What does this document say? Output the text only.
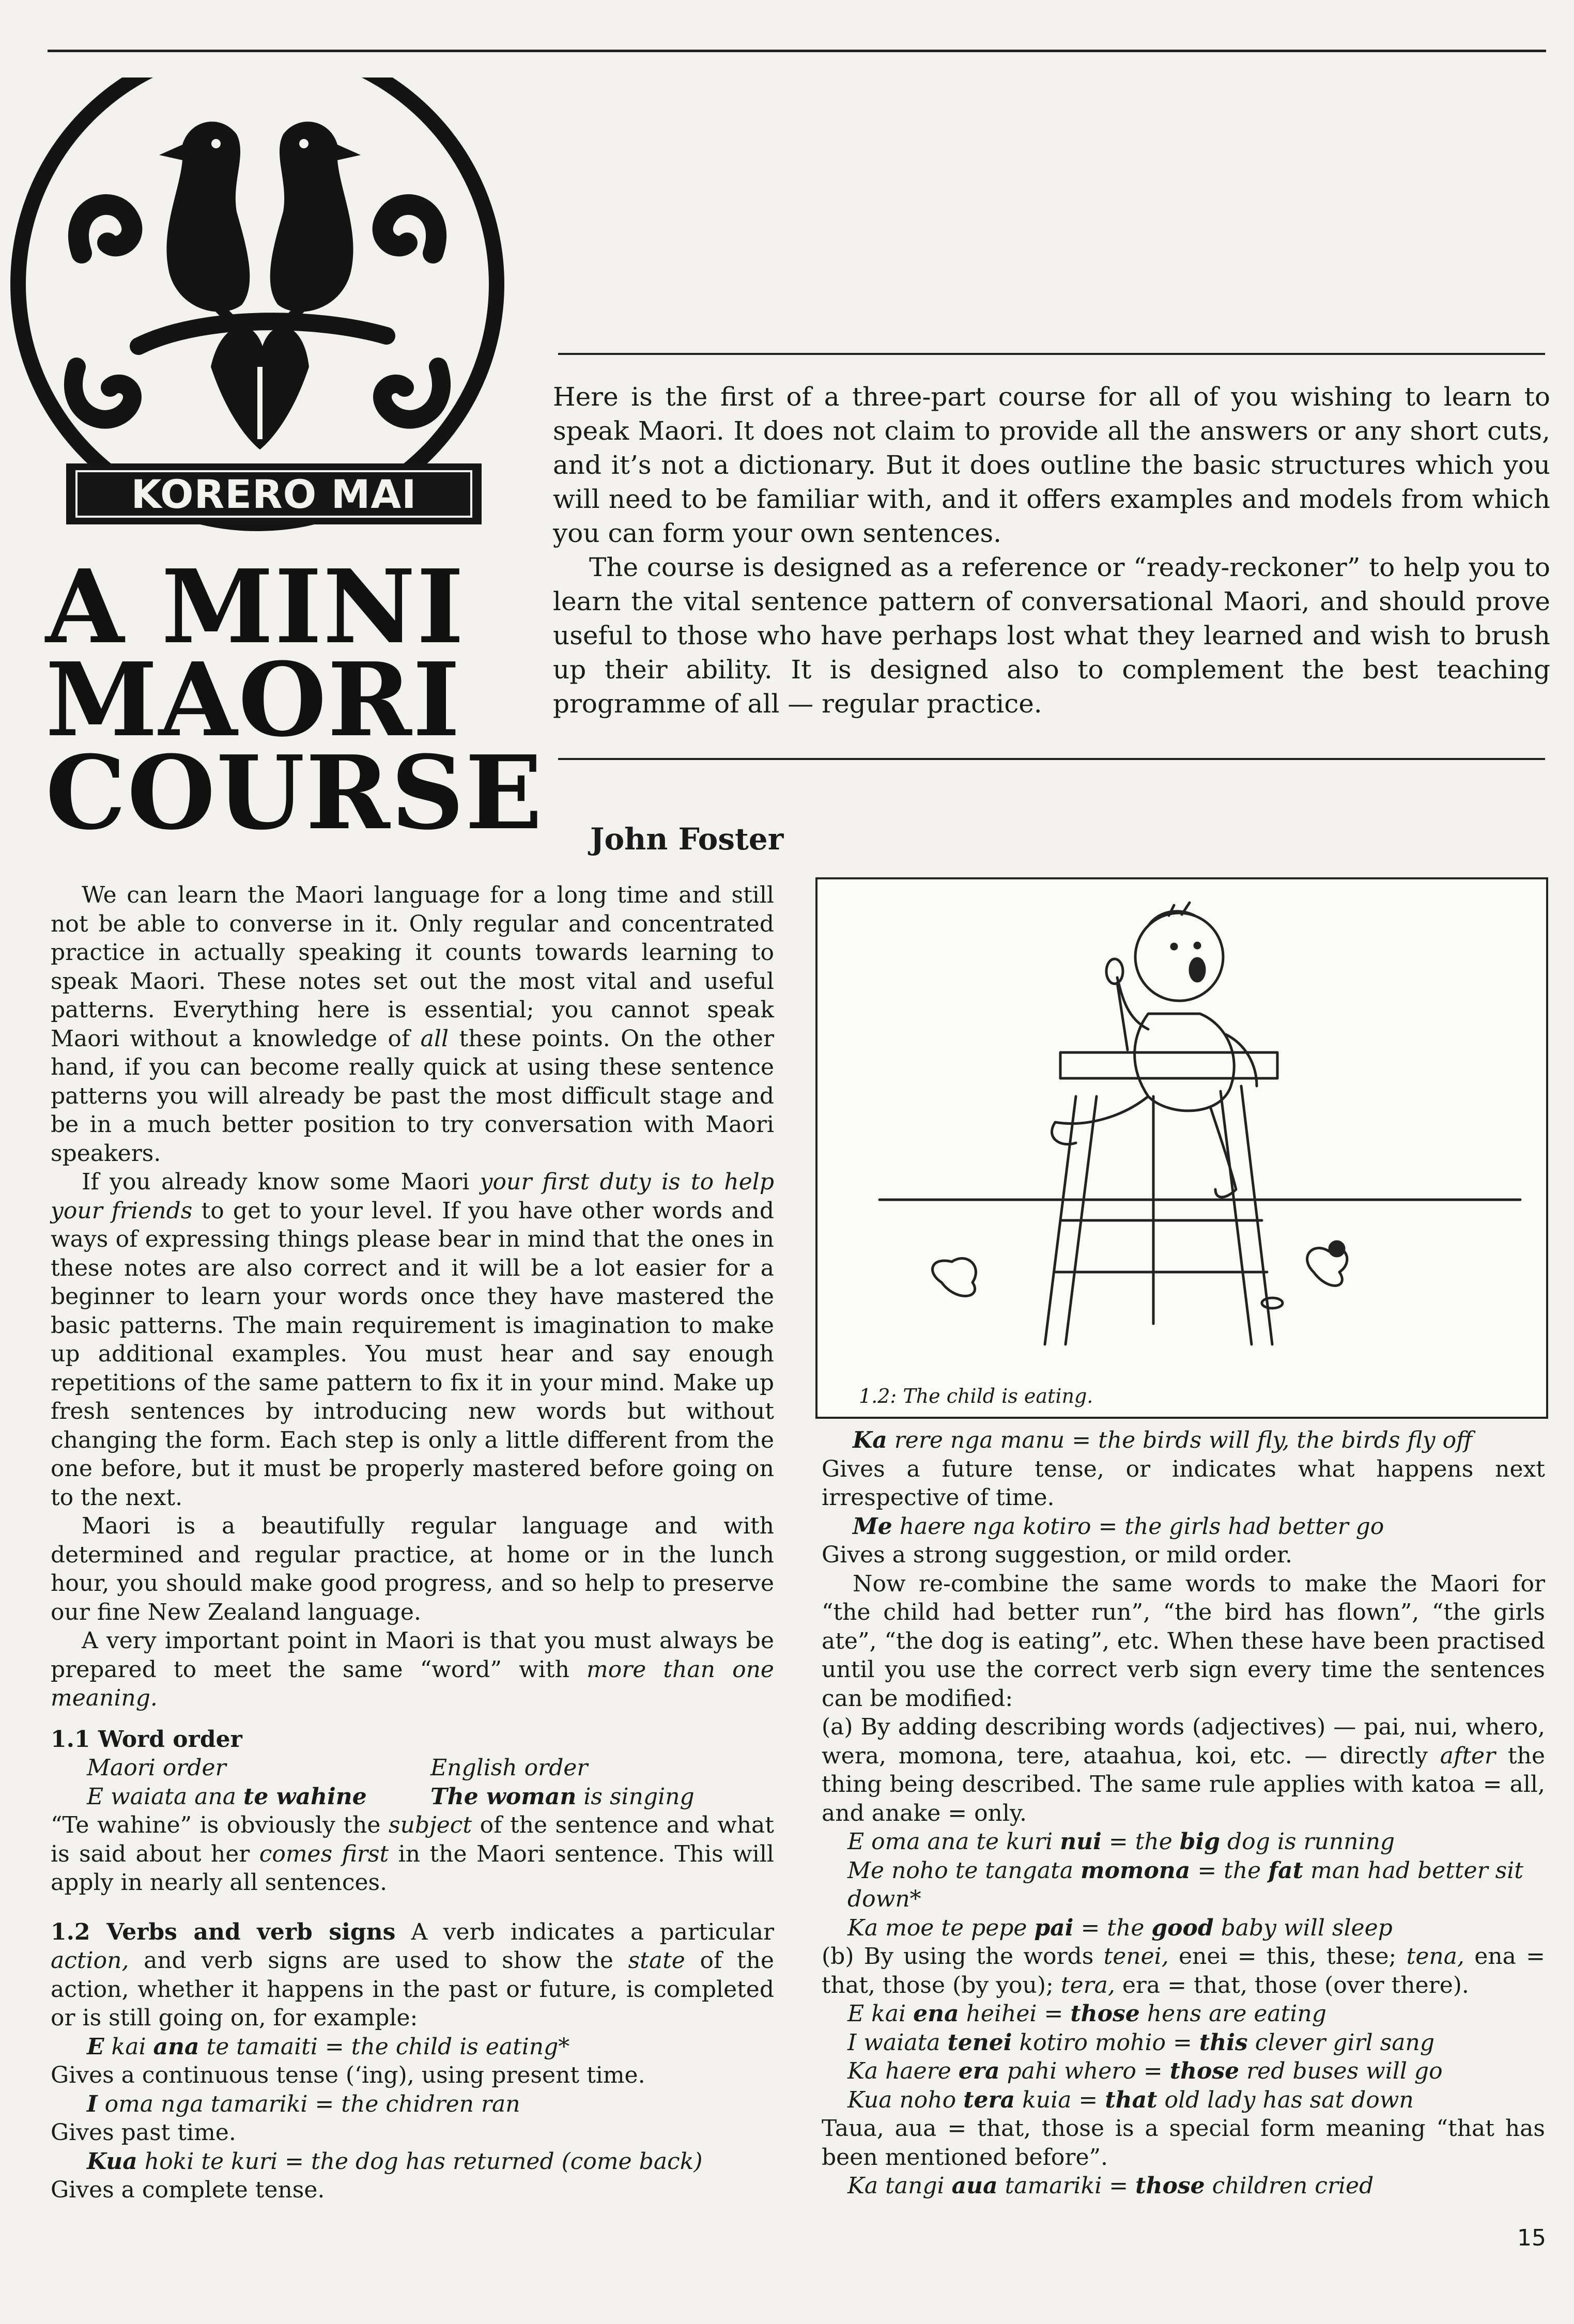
KORERO MAI

Here is the first of a three-part course for all of you wishing to learn to speak Maori. It does not claim to provide all the answers or any short cuts, and it’s not a dictionary. But it does outline the basic structures which you will need to be familiar with, and it offers examples and models from which you can form your own sentences.

The course is designed as a reference or “ready-reckoner” to help you to learn the vital sentence pattern of conversational Maori, and should prove useful to those who have perhaps lost what they learned and wish to brush up their ability. It is designed also to complement the best teaching programme of all — regular practice.

A MINI
MAORI
COURSE John Foster

We can learn the Maori language for a long time and still not be able to converse in it. Only regular and concentrated practice in actually speaking it counts towards learning to speak Maori. These notes set out the most vital and useful patterns. Everything here is essential; you cannot speak Maori without a knowledge of all these points. On the other hand, if you can become really quick at using these sentence patterns you will already be past the most difficult stage and be in a much better position to try conversation with Maori speakers.

If you already know some Maori your first duty is to help your friends to get to your level. If you have other words and ways of expressing things please bear in mind that the ones in these notes are also correct and it will be a lot easier for a beginner to learn your words once they have mastered the basic patterns. The main requirement is imagination to make up additional examples. You must hear and say enough repetitions of the same pattern to fix it in your mind. Make up fresh sentences by introducing new words but without changing the form. Each step is only a little different from the one before, but it must be properly mastered before going on to the next.

Maori is a beautifully regular language and with determined and regular practice, at home or in the lunch hour, you should make good progress, and so help to preserve our fine New Zealand language.

A very important point in Maori is that you must always be prepared to meet the same “word” with more than one meaning.

1.1 Word order

Maori order	English order
E waiata ana te wahine	The woman is singing

“Te wahine” is obviously the subject of the sentence and what is said about her comes first in the Maori sentence. This will apply in nearly all sentences.

1.2 Verbs and verb signs A verb indicates a particular action, and verb signs are used to show the state of the action, whether it happens in the past or future, is completed or is still going on, for example:

E kai ana te tamaiti = the child is eating*

Gives a continuous tense (‘ing), using present time.

I oma nga tamariki = the chidren ran

Gives past time.

Kua hoki te kuri = the dog has returned (come back)

Gives a complete tense.

1.2: The child is eating.

Ka rere nga manu = the birds will fly, the birds fly off

Gives a future tense, or indicates what happens next irrespective of time.

Me haere nga kotiro = the girls had better go

Gives a strong suggestion, or mild order.

Now re-combine the same words to make the Maori for “the child had better run”, “the bird has flown”, “the girls ate”, “the dog is eating”, etc. When these have been practised until you use the correct verb sign every time the sentences can be modified:

(a) By adding describing words (adjectives) — pai, nui, whero, wera, momona, tere, ataahua, koi, etc. — directly after the thing being described. The same rule applies with katoa = all, and anake = only.

E oma ana te kuri nui = the big dog is running

Me noho te tangata momona = the fat man had better sit down*

Ka moe te pepe pai = the good baby will sleep

(b) By using the words tenei, enei = this, these; tena, ena = that, those (by you); tera, era = that, those (over there).

E kai ena heihei = those hens are eating

I waiata tenei kotiro mohio = this clever girl sang

Ka haere era pahi whero = those red buses will go

Kua noho tera kuia = that old lady has sat down

Taua, aua = that, those is a special form meaning “that has been mentioned before”.

Ka tangi aua tamariki = those children cried

15
